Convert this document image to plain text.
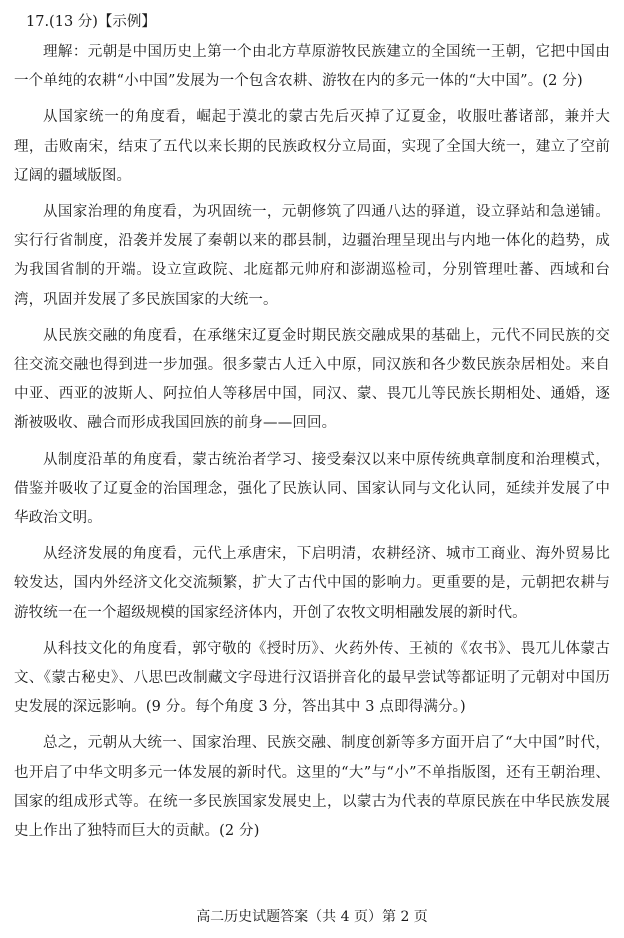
17.(13 分)【示例】

理解：元朝是中国历史上第一个由北方草原游牧民族建立的全国统一王朝，它把中国由一个单纯的农耕“小中国”发展为一个包含农耕、游牧在内的多元一体的“大中国”。(2 分)

从国家统一的角度看，崛起于漠北的蒙古先后灭掉了辽夏金，收服吐蕃诸部，兼并大理，击败南宋，结束了五代以来长期的民族政权分立局面，实现了全国大统一，建立了空前辽阔的疆域版图。

从国家治理的角度看，为巩固统一，元朝修筑了四通八达的驿道，设立驿站和急递铺。实行行省制度，沿袭并发展了秦朝以来的郡县制，边疆治理呈现出与内地一体化的趋势，成为我国省制的开端。设立宣政院、北庭都元帅府和澎湖巡检司，分别管理吐蕃、西域和台湾，巩固并发展了多民族国家的大统一。

从民族交融的角度看，在承继宋辽夏金时期民族交融成果的基础上，元代不同民族的交往交流交融也得到进一步加强。很多蒙古人迁入中原，同汉族和各少数民族杂居相处。来自中亚、西亚的波斯人、阿拉伯人等移居中国，同汉、蒙、畏兀儿等民族长期相处、通婚，逐渐被吸收、融合而形成我国回族的前身——回回。

从制度沿革的角度看，蒙古统治者学习、接受秦汉以来中原传统典章制度和治理模式，借鉴并吸收了辽夏金的治国理念，强化了民族认同、国家认同与文化认同，延续并发展了中华政治文明。

从经济发展的角度看，元代上承唐宋，下启明清，农耕经济、城市工商业、海外贸易比较发达，国内外经济文化交流频繁，扩大了古代中国的影响力。更重要的是，元朝把农耕与游牧统一在一个超级规模的国家经济体内，开创了农牧文明相融发展的新时代。

从科技文化的角度看，郭守敬的《授时历》、火药外传、王祯的《农书》、畏兀儿体蒙古文、《蒙古秘史》、八思巴改制藏文字母进行汉语拼音化的最早尝试等都证明了元朝对中国历史发展的深远影响。(9 分。每个角度 3 分，答出其中 3 点即得满分。)

总之，元朝从大统一、国家治理、民族交融、制度创新等多方面开启了“大中国”时代，也开启了中华文明多元一体发展的新时代。这里的“大”与“小”不单指版图，还有王朝治理、国家的组成形式等。在统一多民族国家发展史上，以蒙古为代表的草原民族在中华民族发展史上作出了独特而巨大的贡献。(2 分)

高二历史试题答案（共 4 页）第 2 页
